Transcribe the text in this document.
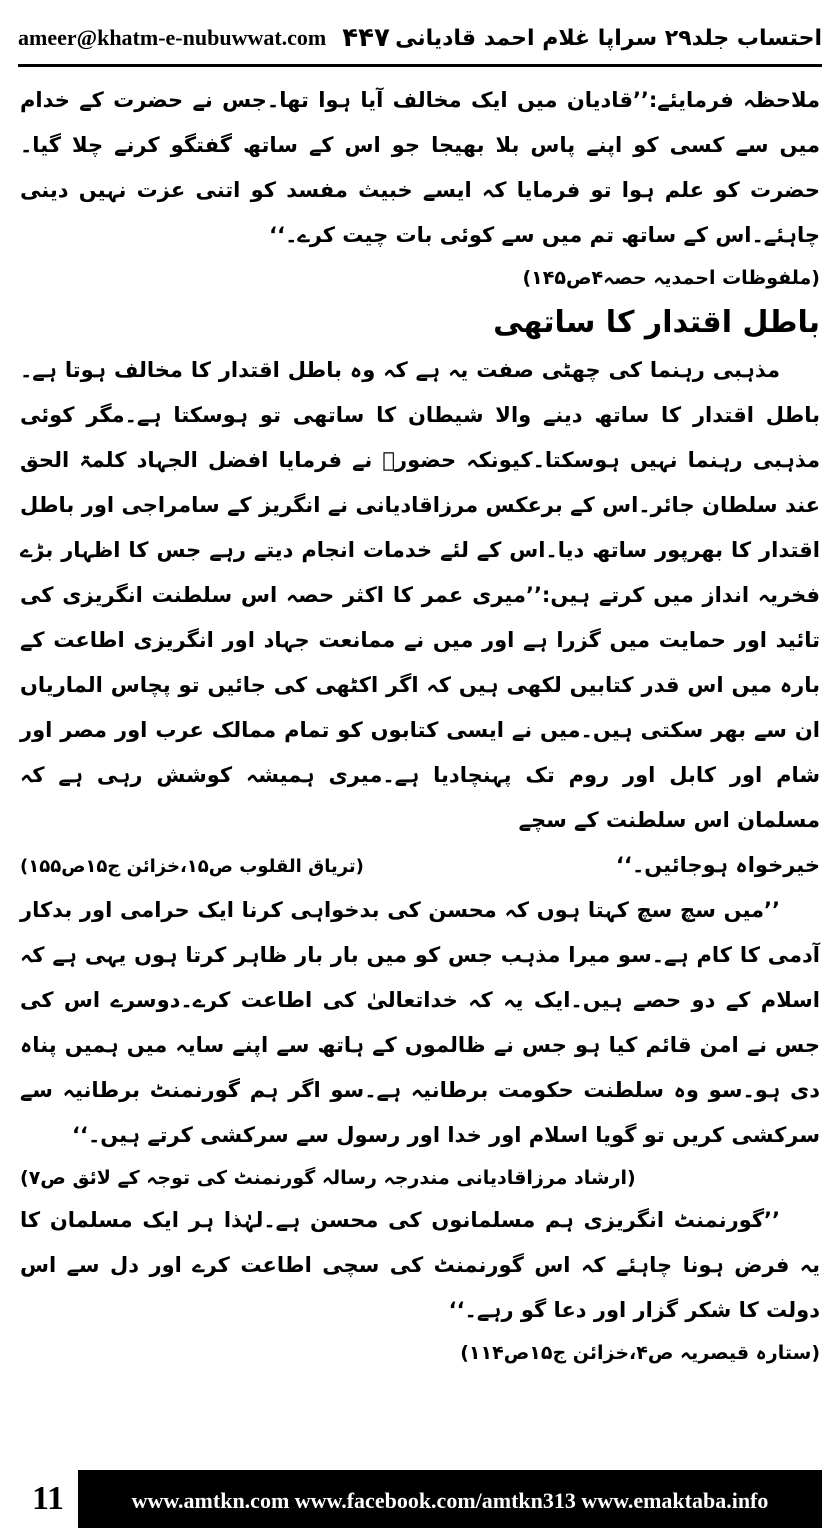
ameer@khatm-e-nubuwwat.com ۴۴۷ احتساب جلد۲۹ سراپا غلام احمد قادیانی

ملاحظہ فرمایئے:’’قادیان میں ایک مخالف آیا ہوا تھا۔جس نے حضرت کے خدام میں سے کسی کو اپنے پاس بلا بھیجا جو اس کے ساتھ گفتگو کرنے چلا گیا۔حضرت کو علم ہوا تو فرمایا کہ ایسے خبیث مفسد کو اتنی عزت نہیں دینی چاہئے۔اس کے ساتھ تم میں سے کوئی بات چیت کرے۔‘‘

(ملفوظات احمدیہ حصہ۴ص۱۴۵)

باطل اقتدار کا ساتھی

مذہبی رہنما کی چھٹی صفت یہ ہے کہ وہ باطل اقتدار کا مخالف ہوتا ہے۔باطل اقتدار کا ساتھ دینے والا شیطان کا ساتھی تو ہوسکتا ہے۔مگر کوئی مذہبی رہنما نہیں ہوسکتا۔کیونکہ حضورؐ نے فرمایا افضل الجہاد کلمۃ الحق عند سلطان جائر۔اس کے برعکس مرزاقادیانی نے انگریز کے سامراجی اور باطل اقتدار کا بھرپور ساتھ دیا۔اس کے لئے خدمات انجام دیتے رہے جس کا اظہار بڑے فخریہ انداز میں کرتے ہیں:’’میری عمر کا اکثر حصہ اس سلطنت انگریزی کی تائید اور حمایت میں گزرا ہے اور میں نے ممانعت جہاد اور انگریزی اطاعت کے بارہ میں اس قدر کتابیں لکھی ہیں کہ اگر اکٹھی کی جائیں تو پچاس الماریاں ان سے بھر سکتی ہیں۔میں نے ایسی کتابوں کو تمام ممالک عرب اور مصر اور شام اور کابل اور روم تک پہنچادیا ہے۔میری ہمیشہ کوشش رہی ہے کہ مسلمان اس سلطنت کے سچے

خیرخواہ ہوجائیں۔‘‘
(تریاق القلوب ص۱۵،خزائن ج۱۵ص۱۵۵)

’’میں سچ سچ کہتا ہوں کہ محسن کی بدخواہی کرنا ایک حرامی اور بدکار آدمی کا کام ہے۔سو میرا مذہب جس کو میں بار بار ظاہر کرتا ہوں یہی ہے کہ اسلام کے دو حصے ہیں۔ایک یہ کہ خداتعالیٰ کی اطاعت کرے۔دوسرے اس کی جس نے امن قائم کیا ہو جس نے ظالموں کے ہاتھ سے اپنے سایہ میں ہمیں پناہ دی ہو۔سو وہ سلطنت حکومت برطانیہ ہے۔سو اگر ہم گورنمنٹ برطانیہ سے سرکشی کریں تو گویا اسلام اور خدا اور رسول سے سرکشی کرتے ہیں۔‘‘

(ارشاد مرزاقادیانی مندرجہ رسالہ گورنمنٹ کی توجہ کے لائق ص۷)

’’گورنمنٹ انگریزی ہم مسلمانوں کی محسن ہے۔لہٰذا ہر ایک مسلمان کا یہ فرض ہونا چاہئے کہ اس گورنمنٹ کی سچی اطاعت کرے اور دل سے اس دولت کا شکر گزار اور دعا گو رہے۔‘‘

(ستارہ قیصریہ ص۴،خزائن ج۱۵ص۱۱۴)

11	www.amtkn.com www.facebook.com/amtkn313 www.emaktaba.info
